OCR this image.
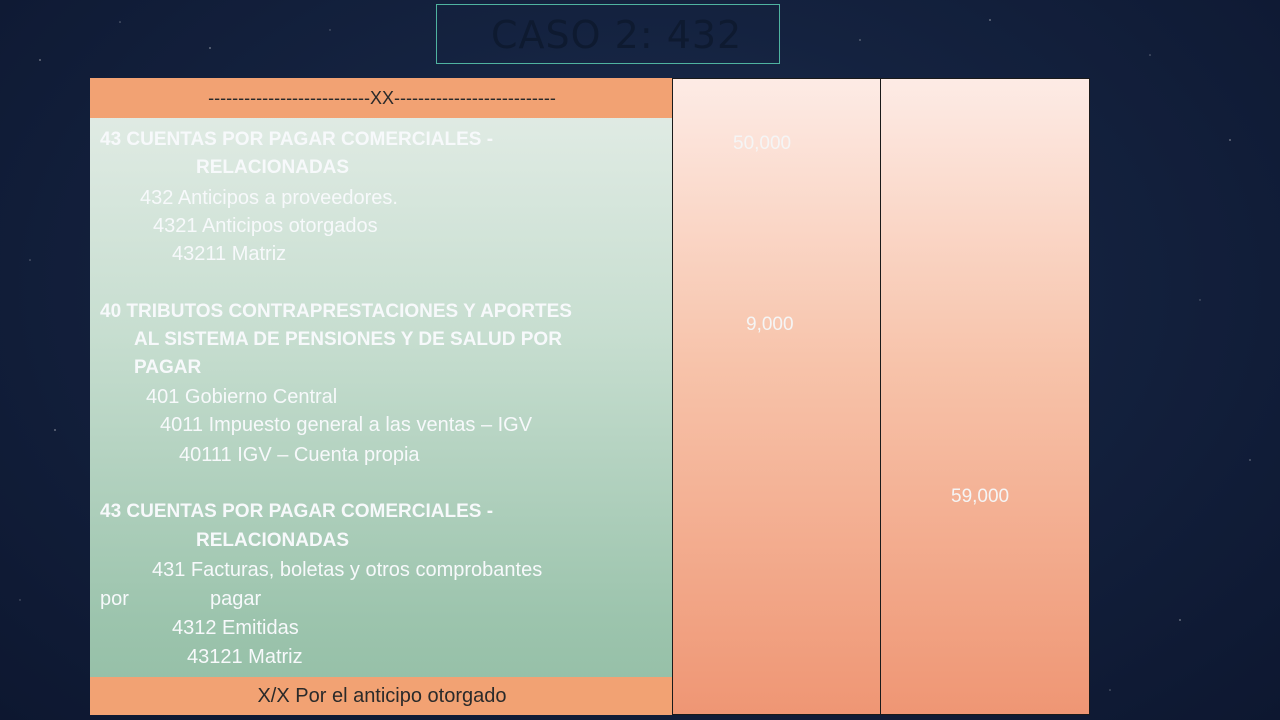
CASO 2: 432
---------------------------XX---------------------------
43 CUENTAS POR PAGAR COMERCIALES -
RELACIONADAS
432 Anticipos a proveedores.
4321 Anticipos otorgados
43211 Matriz
40 TRIBUTOS CONTRAPRESTACIONES Y APORTES
AL SISTEMA DE PENSIONES Y DE SALUD POR
PAGAR
401 Gobierno Central
4011 Impuesto general a las ventas – IGV
40111 IGV – Cuenta propia
43 CUENTAS POR PAGAR COMERCIALES -
RELACIONADAS
431 Facturas, boletas y otros comprobantes
por	pagar
4312 Emitidas
43121 Matriz
X/X Por el anticipo otorgado
50,000
9,000
59,000
